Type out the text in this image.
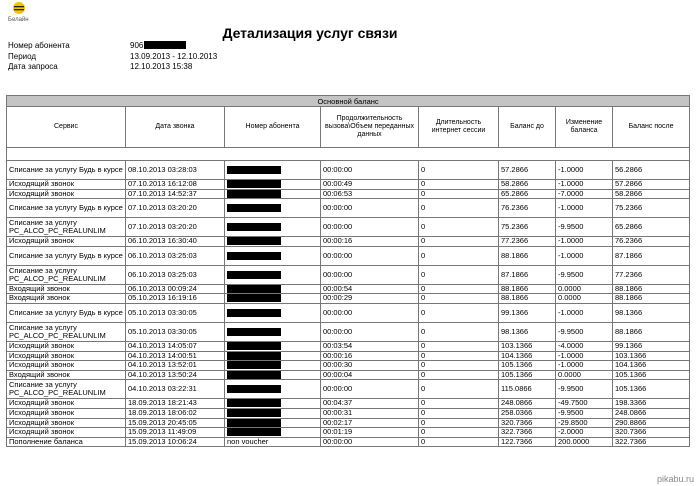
Белайн
Детализация услуг связи
Номер абонента	906
Период	13.09.2013 - 12.10.2013
Дата запроса	12.10.2013 15:38
Основной баланс							
Сервис	Дата звонка	Номер абонента	Продолжительность вызова\Объем переданных данных	Длительность интернет сессии	Баланс до	Изменение баланса	Баланс после

Списание за услугу Будь в курсе	08.10.2013 03:28:03		00:00:00	0	57.2866	-1.0000	56.2866
Исходящий звонок	07.10.2013 16:12:08		00:00:49	0	58.2866	-1.0000	57.2866
Исходящий звонок	07.10.2013 14:52:37		00:06:53	0	65.2866	-7.0000	58.2866
Списание за услугу Будь в курсе	07.10.2013 03:20:20		00:00:00	0	76.2366	-1.0000	75.2366
Списание за услугу PC_ALCO_PC_REALUNLIM	07.10.2013 03:20:20		00:00:00	0	75.2366	-9.9500	65.2866
Исходящий звонок	06.10.2013 16:30:40		00:00:16	0	77.2366	-1.0000	76.2366
Списание за услугу Будь в курсе	06.10.2013 03:25:03		00:00:00	0	88.1866	-1.0000	87.1866
Списание за услугу PC_ALCO_PC_REALUNLIM	06.10.2013 03:25:03		00:00:00	0	87.1866	-9.9500	77.2366
Входящий звонок	06.10.2013 00:09:24		00:00:54	0	88.1866	0.0000	88.1866
Входящий звонок	05.10.2013 16:19:16		00:00:29	0	88.1866	0.0000	88.1866
Списание за услугу Будь в курсе	05.10.2013 03:30:05		00:00:00	0	99.1366	-1.0000	98.1366
Списание за услугу PC_ALCO_PC_REALUNLIM	05.10.2013 03:30:05		00:00:00	0	98.1366	-9.9500	88.1866
Исходящий звонок	04.10.2013 14:05:07		00:03:54	0	103.1366	-4.0000	99.1366
Исходящий звонок	04.10.2013 14:00:51		00:00:16	0	104.1366	-1.0000	103.1366
Исходящий звонок	04.10.2013 13:52:01		00:00:30	0	105.1366	-1.0000	104.1366
Входящий звонок	04.10.2013 13:50:24		00:00:04	0	105.1366	0.0000	105.1366
Списание за услугу PC_ALCO_PC_REALUNLIM	04.10.2013 03:22:31		00:00:00	0	115.0866	-9.9500	105.1366
Исходящий звонок	18.09.2013 18:21:43		00:04:37	0	248.0866	-49.7500	198.3366
Исходящий звонок	18.09.2013 18:06:02		00:00:31	0	258.0366	-9.9500	248.0866
Исходящий звонок	15.09.2013 20:45:05		00:02:17	0	320.7366	-29.8500	290.8866
Исходящий звонок	15.09.2013 11:49:09		00:01:19	0	322.7366	-2.0000	320.7366
Пополнение баланса	15.09.2013 10:06:24	non voucher	00:00:00	0	122.7366	200.0000	322.7366
pikabu.ru
